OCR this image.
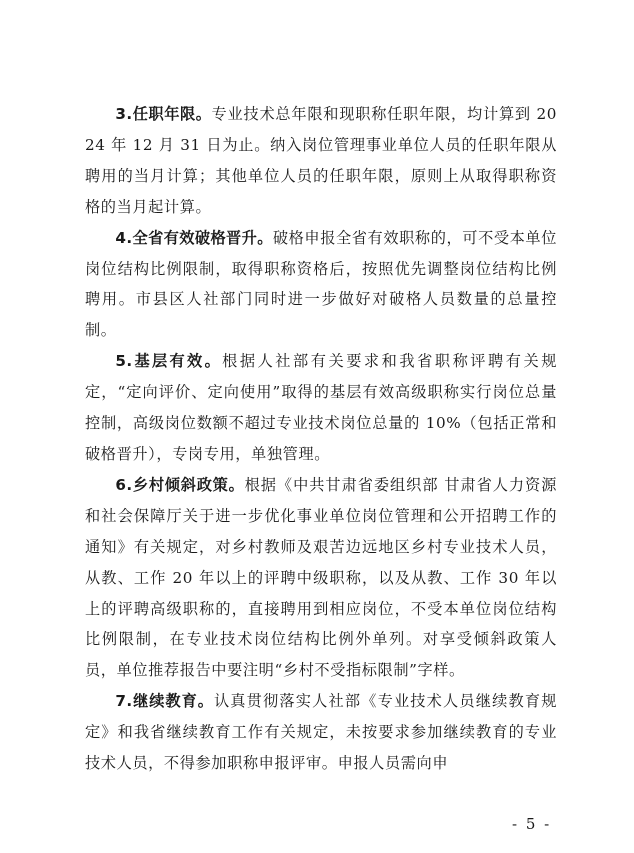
3.任职年限。专业技术总年限和现职称任职年限，均计算到 2024 年 12 月 31 日为止。纳入岗位管理事业单位人员的任职年限从聘用的当月计算；其他单位人员的任职年限，原则上从取得职称资格的当月起计算。

4.全省有效破格晋升。破格申报全省有效职称的，可不受本单位岗位结构比例限制，取得职称资格后，按照优先调整岗位结构比例聘用。市县区人社部门同时进一步做好对破格人员数量的总量控制。

5.基层有效。根据人社部有关要求和我省职称评聘有关规定，“定向评价、定向使用”取得的基层有效高级职称实行岗位总量控制，高级岗位数额不超过专业技术岗位总量的 10%（包括正常和破格晋升），专岗专用，单独管理。

6.乡村倾斜政策。根据《中共甘肃省委组织部 甘肃省人力资源和社会保障厅关于进一步优化事业单位岗位管理和公开招聘工作的通知》有关规定，对乡村教师及艰苦边远地区乡村专业技术人员，从教、工作 20 年以上的评聘中级职称，以及从教、工作 30 年以上的评聘高级职称的，直接聘用到相应岗位，不受本单位岗位结构比例限制，在专业技术岗位结构比例外单列。对享受倾斜政策人员，单位推荐报告中要注明“乡村不受指标限制”字样。

7.继续教育。认真贯彻落实人社部《专业技术人员继续教育规定》和我省继续教育工作有关规定，未按要求参加继续教育的专业技术人员，不得参加职称申报评审。申报人员需向申

- 5 -
